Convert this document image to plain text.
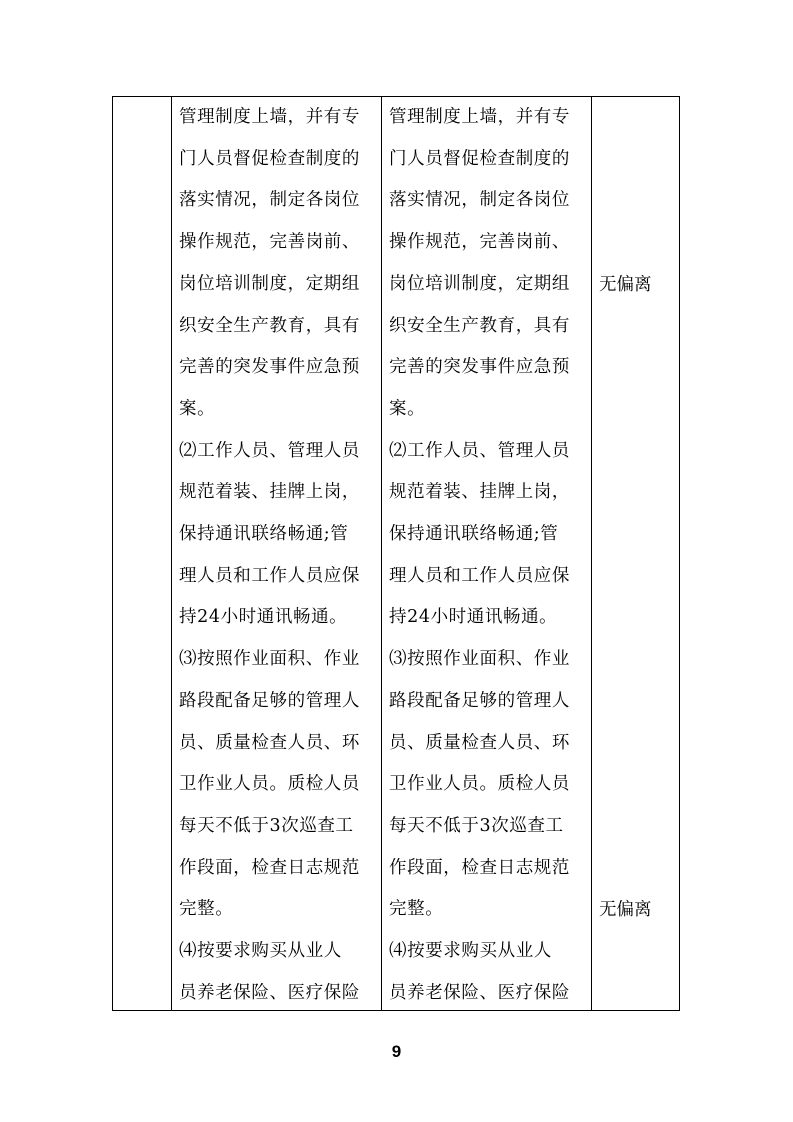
管理制度上墙，并有专
门人员督促检查制度的
落实情况，制定各岗位
操作规范，完善岗前、
岗位培训制度，定期组
织安全生产教育，具有
完善的突发事件应急预
案。
⑵工作人员、管理人员
规范着装、挂牌上岗，
保持通讯联络畅通;管
理人员和工作人员应保
持24小时通讯畅通。
⑶按照作业面积、作业
路段配备足够的管理人
员、质量检查人员、环
卫作业人员。质检人员
每天不低于3次巡查工
作段面，检查日志规范
完整。
⑷按要求购买从业人
员养老保险、医疗保险
管理制度上墙，并有专
门人员督促检查制度的
落实情况，制定各岗位
操作规范，完善岗前、
岗位培训制度，定期组
织安全生产教育，具有
完善的突发事件应急预
案。
⑵工作人员、管理人员
规范着装、挂牌上岗，
保持通讯联络畅通;管
理人员和工作人员应保
持24小时通讯畅通。
⑶按照作业面积、作业
路段配备足够的管理人
员、质量检查人员、环
卫作业人员。质检人员
每天不低于3次巡查工
作段面，检查日志规范
完整。
⑷按要求购买从业人
员养老保险、医疗保险
无偏离
无偏离
9
